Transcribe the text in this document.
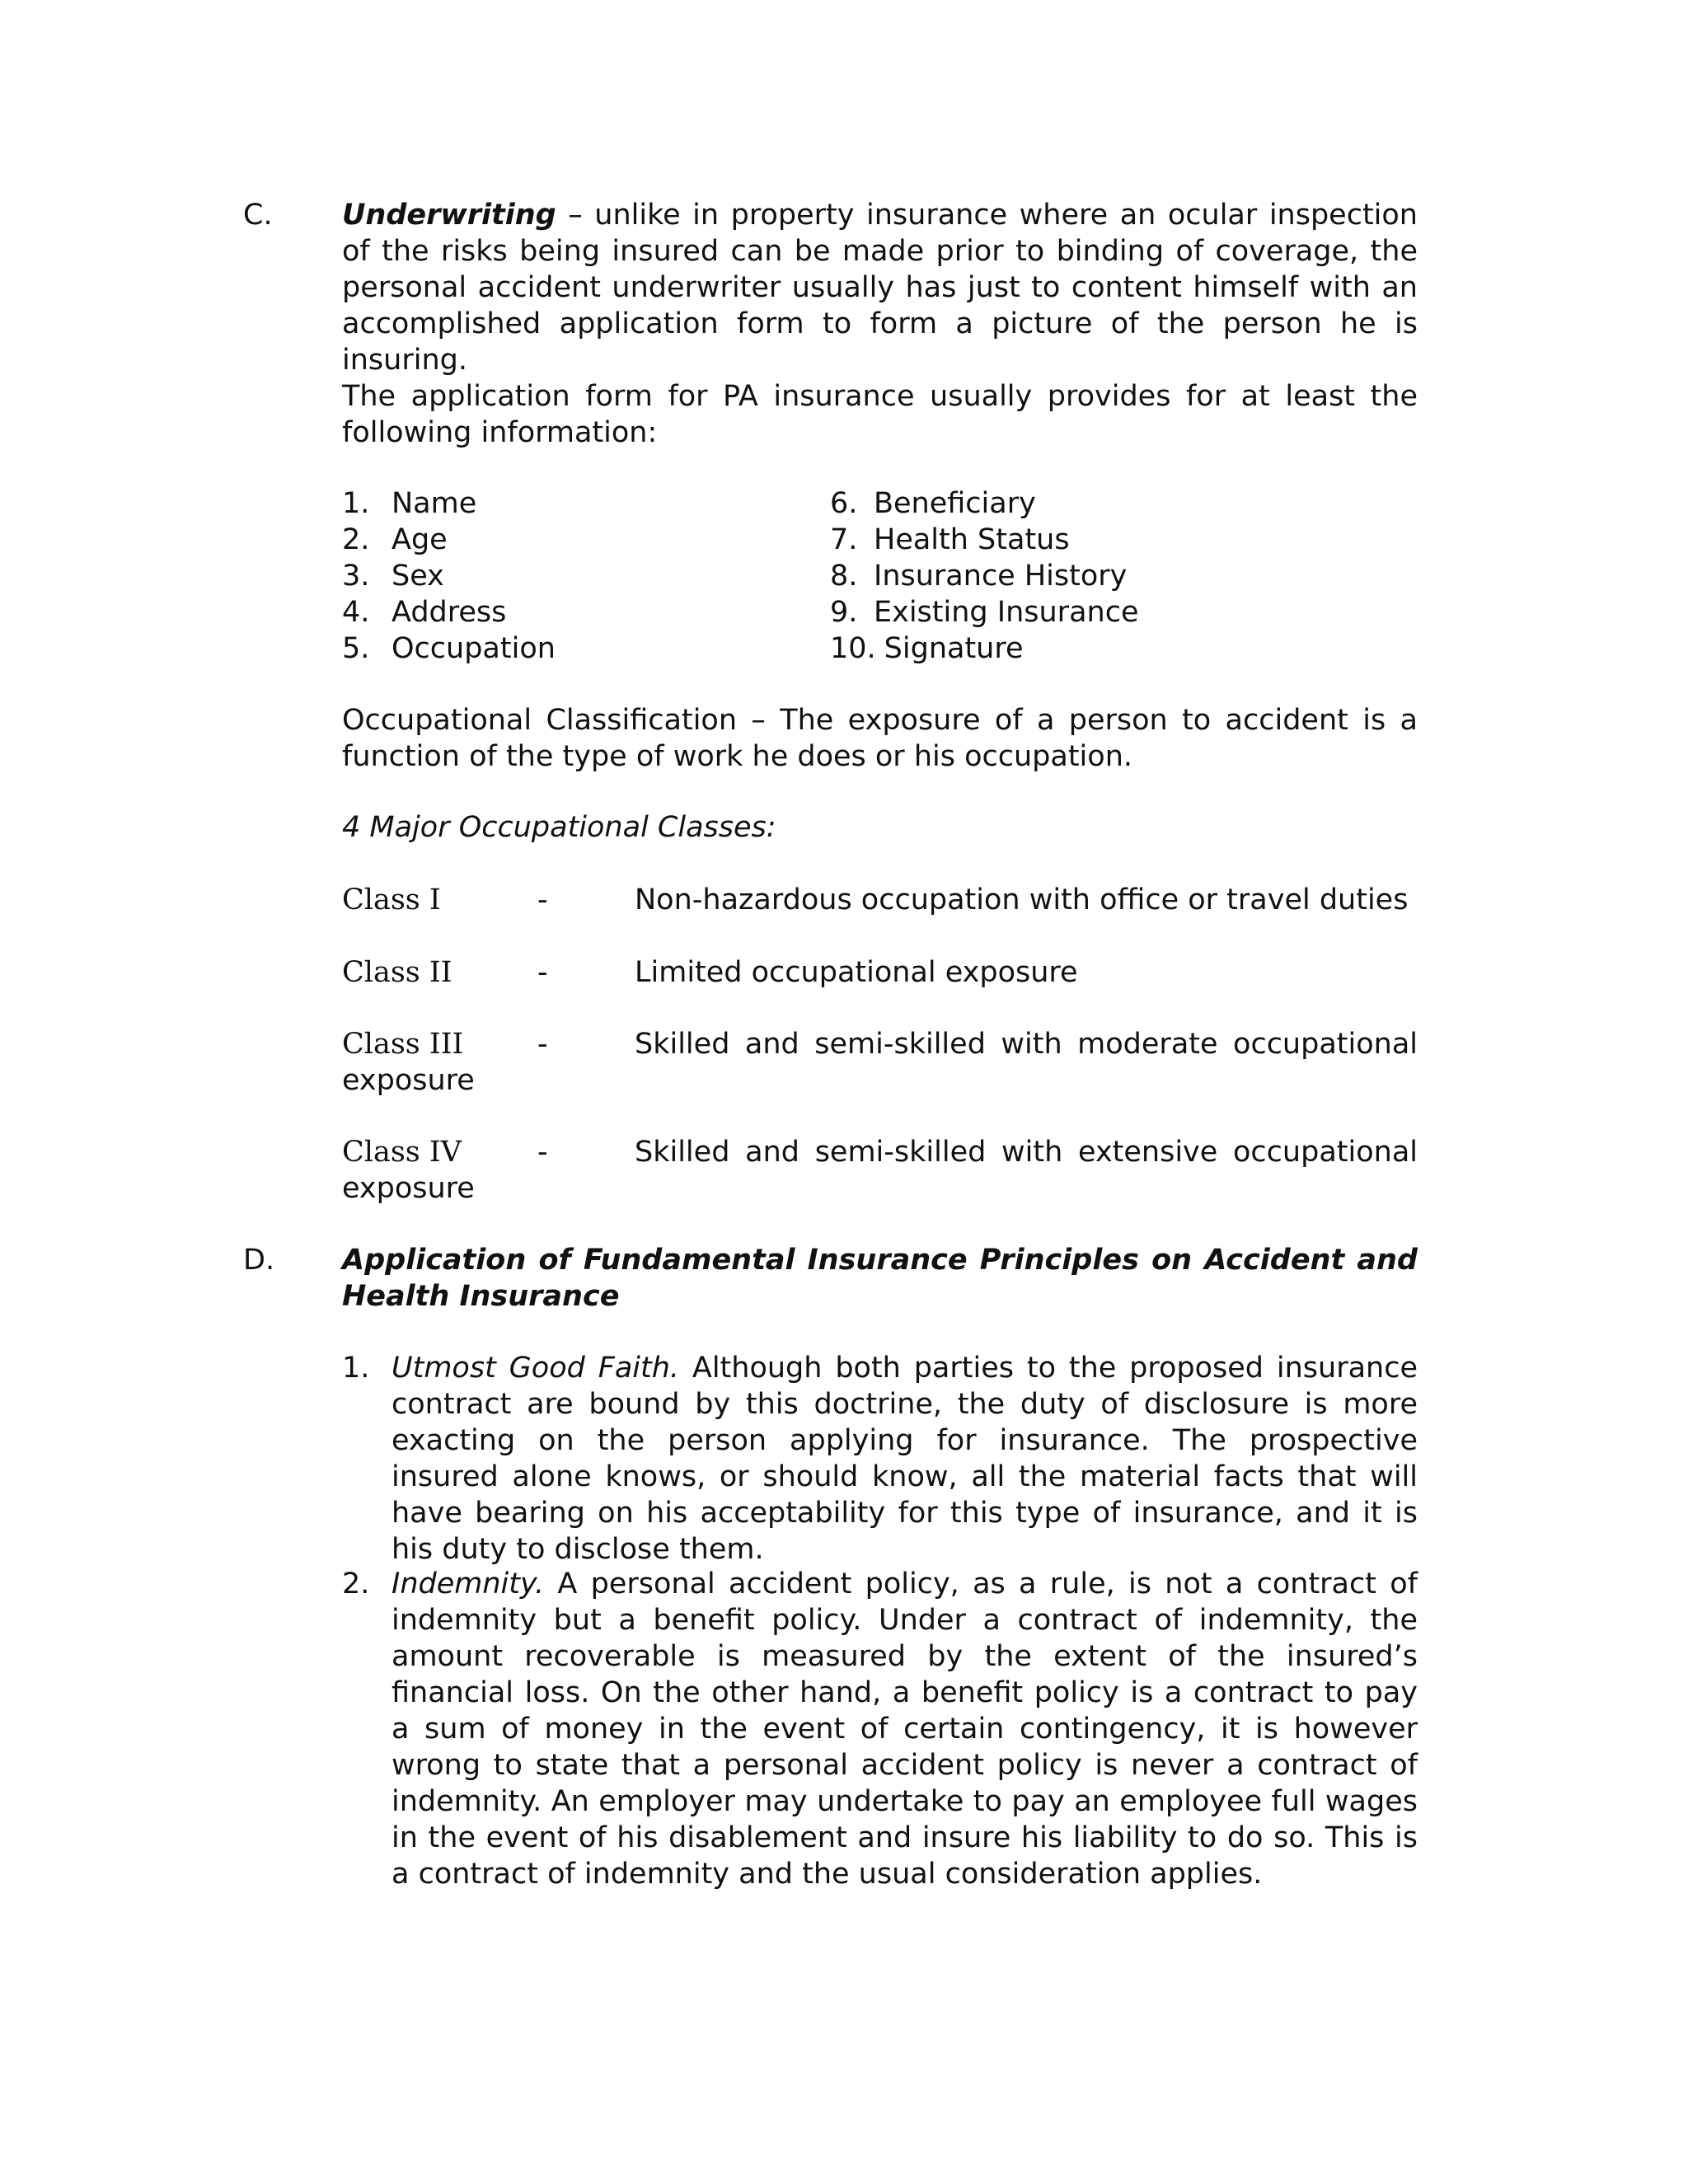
C. Underwriting – unlike in property insurance where an ocular inspection of the risks being insured can be made prior to binding of coverage, the personal accident underwriter usually has just to content himself with an accomplished application form to form a picture of the person he is insuring.
The application form for PA insurance usually provides for at least the following information:
1. Name
2. Age
3. Sex
4. Address
5. Occupation
6. Beneficiary
7. Health Status
8. Insurance History
9. Existing Insurance
10. Signature
Occupational Classification – The exposure of a person to accident is a function of the type of work he does or his occupation.
4 Major Occupational Classes:
Class I	-	Non-hazardous occupation with office or travel duties
Class II	-	Limited occupational exposure
Class III	-	Skilled and semi-skilled with moderate occupational
exposure
Class IV	-	Skilled and semi-skilled with extensive occupational
exposure
D. Application of Fundamental Insurance Principles on Accident and Health Insurance
1. Utmost Good Faith. Although both parties to the proposed insurance contract are bound by this doctrine, the duty of disclosure is more exacting on the person applying for insurance. The prospective insured alone knows, or should know, all the material facts that will have bearing on his acceptability for this type of insurance, and it is his duty to disclose them.
2. Indemnity. A personal accident policy, as a rule, is not a contract of indemnity but a benefit policy. Under a contract of indemnity, the amount recoverable is measured by the extent of the insured’s financial loss. On the other hand, a benefit policy is a contract to pay a sum of money in the event of certain contingency, it is however wrong to state that a personal accident policy is never a contract of indemnity. An employer may undertake to pay an employee full wages in the event of his disablement and insure his liability to do so. This is a contract of indemnity and the usual consideration applies.
